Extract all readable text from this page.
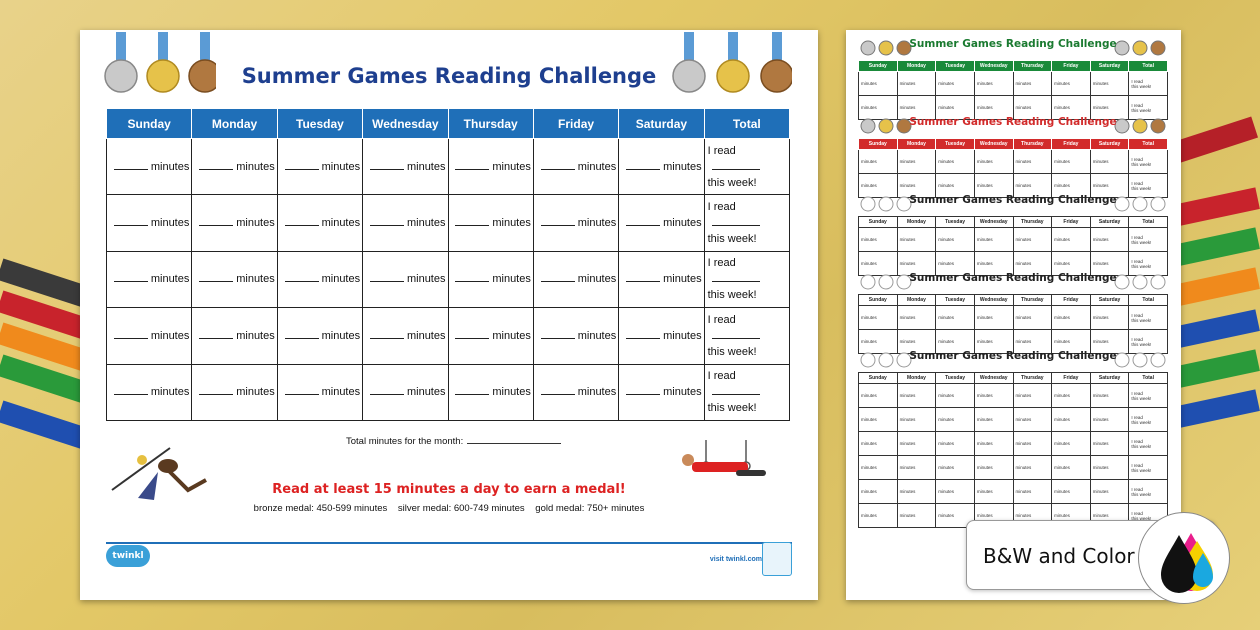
Summer Games Reading Challenge
Sunday	Monday	Tuesday	Wednesday	Thursday	Friday	Saturday	Total
minutes	minutes	minutes	minutes	minutes	minutes	minutes	I read
this week!
minutes	minutes	minutes	minutes	minutes	minutes	minutes	I read
this week!
minutes	minutes	minutes	minutes	minutes	minutes	minutes	I read
this week!
minutes	minutes	minutes	minutes	minutes	minutes	minutes	I read
this week!
minutes	minutes	minutes	minutes	minutes	minutes	minutes	I read
this week!
Total minutes for the month:
Read at least 15 minutes a day to earn a medal!
bronze medal: 450-599 minutes silver medal: 600-749 minutes gold medal: 750+ minutes
twinkl	visit twinkl.com
Summer Games Reading Challenge
Sunday	Monday	Tuesday	Wednesday	Thursday	Friday	Saturday	Total
minutes	minutes	minutes	minutes	minutes	minutes	minutes	I read
this week!
minutes	minutes	minutes	minutes	minutes	minutes	minutes	I read
this week!
Summer Games Reading Challenge
Sunday	Monday	Tuesday	Wednesday	Thursday	Friday	Saturday	Total
minutes	minutes	minutes	minutes	minutes	minutes	minutes	I read
this week!
minutes	minutes	minutes	minutes	minutes	minutes	minutes	I read
this week!
Summer Games Reading Challenge
Sunday	Monday	Tuesday	Wednesday	Thursday	Friday	Saturday	Total
minutes	minutes	minutes	minutes	minutes	minutes	minutes	I read
this week!
minutes	minutes	minutes	minutes	minutes	minutes	minutes	I read
this week!
Summer Games Reading Challenge
Sunday	Monday	Tuesday	Wednesday	Thursday	Friday	Saturday	Total
minutes	minutes	minutes	minutes	minutes	minutes	minutes	I read
this week!
minutes	minutes	minutes	minutes	minutes	minutes	minutes	I read
this week!
Summer Games Reading Challenge
Sunday	Monday	Tuesday	Wednesday	Thursday	Friday	Saturday	Total
minutes	minutes	minutes	minutes	minutes	minutes	minutes	I read
this week!
minutes	minutes	minutes	minutes	minutes	minutes	minutes	I read
this week!
minutes	minutes	minutes	minutes	minutes	minutes	minutes	I read
this week!
minutes	minutes	minutes	minutes	minutes	minutes	minutes	I read
this week!
minutes	minutes	minutes	minutes	minutes	minutes	minutes	I read
this week!
minutes	minutes	minutes	minutes	minutes	minutes	minutes	I read
this week!
B&W and Color
